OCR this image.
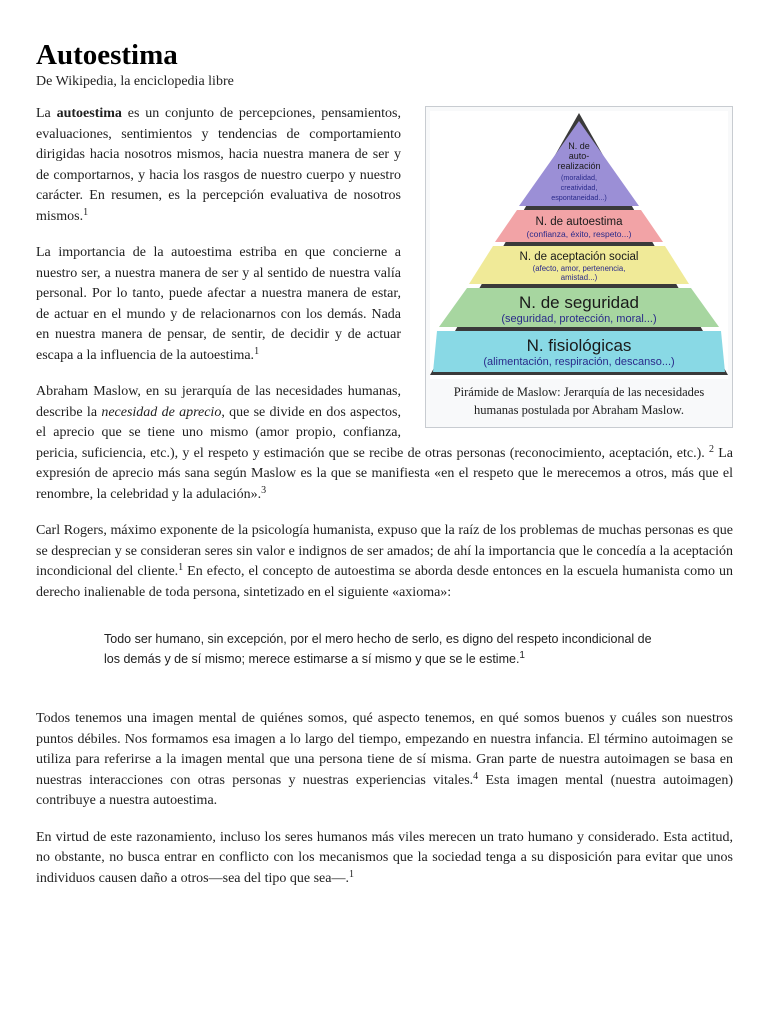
Autoestima
De Wikipedia, la enciclopedia libre
N. de
auto-
realización
(moralidad,
creatividad,
espontaneidad...)
N. de autoestima
(confianza, éxito, respeto...)
N. de aceptación social
(afecto, amor, pertenencia,
amistad...)
N. de seguridad
(seguridad, protección, moral...)
N. fisiológicas
(alimentación, respiración, descanso...)
Pirámide de Maslow: Jerarquía de las necesidades humanas postulada por Abraham Maslow.

La autoestima es un conjunto de percepciones, pensamientos, evaluaciones, sentimientos y tendencias de comportamiento dirigidas hacia nosotros mismos, hacia nuestra manera de ser y de comportarnos, y hacia los rasgos de nuestro cuerpo y nuestro carácter. En resumen, es la percepción evaluativa de nosotros mismos.$^1$

La importancia de la autoestima estriba en que concierne a nuestro ser, a nuestra manera de ser y al sentido de nuestra valía personal. Por lo tanto, puede afectar a nuestra manera de estar, de actuar en el mundo y de relacionarnos con los demás. Nada en nuestra manera de pensar, de sentir, de decidir y de actuar escapa a la influencia de la autoestima.$^1$

Abraham Maslow, en su jerarquía de las necesidades humanas, describe la necesidad de aprecio, que se divide en dos aspectos, el aprecio que se tiene uno mismo (amor propio, confianza, pericia, suficiencia, etc.), y el respeto y estimación que se recibe de otras personas (reconocimiento, aceptación, etc.). $^2$ La expresión de aprecio más sana según Maslow es la que se manifiesta «en el respeto que le merecemos a otros, más que el renombre, la celebridad y la adulación».$^3$

Carl Rogers, máximo exponente de la psicología humanista, expuso que la raíz de los problemas de muchas personas es que se desprecian y se consideran seres sin valor e indignos de ser amados; de ahí la importancia que le concedía a la aceptación incondicional del cliente.$^1$ En efecto, el concepto de autoestima se aborda desde entonces en la escuela humanista como un derecho inalienable de toda persona, sintetizado en el siguiente «axioma»:

Todo ser humano, sin excepción, por el mero hecho de serlo, es digno del respeto incondicional de los demás y de sí mismo; merece estimarse a sí mismo y que se le estime.$^1$

Todos tenemos una imagen mental de quiénes somos, qué aspecto tenemos, en qué somos buenos y cuáles son nuestros puntos débiles. Nos formamos esa imagen a lo largo del tiempo, empezando en nuestra infancia. El término autoimagen se utiliza para referirse a la imagen mental que una persona tiene de sí misma. Gran parte de nuestra autoimagen se basa en nuestras interacciones con otras personas y nuestras experiencias vitales.$^4$ Esta imagen mental (nuestra autoimagen) contribuye a nuestra autoestima.

En virtud de este razonamiento, incluso los seres humanos más viles merecen un trato humano y considerado. Esta actitud, no obstante, no busca entrar en conflicto con los mecanismos que la sociedad tenga a su disposición para evitar que unos individuos causen daño a otros—sea del tipo que sea—.$^1$
